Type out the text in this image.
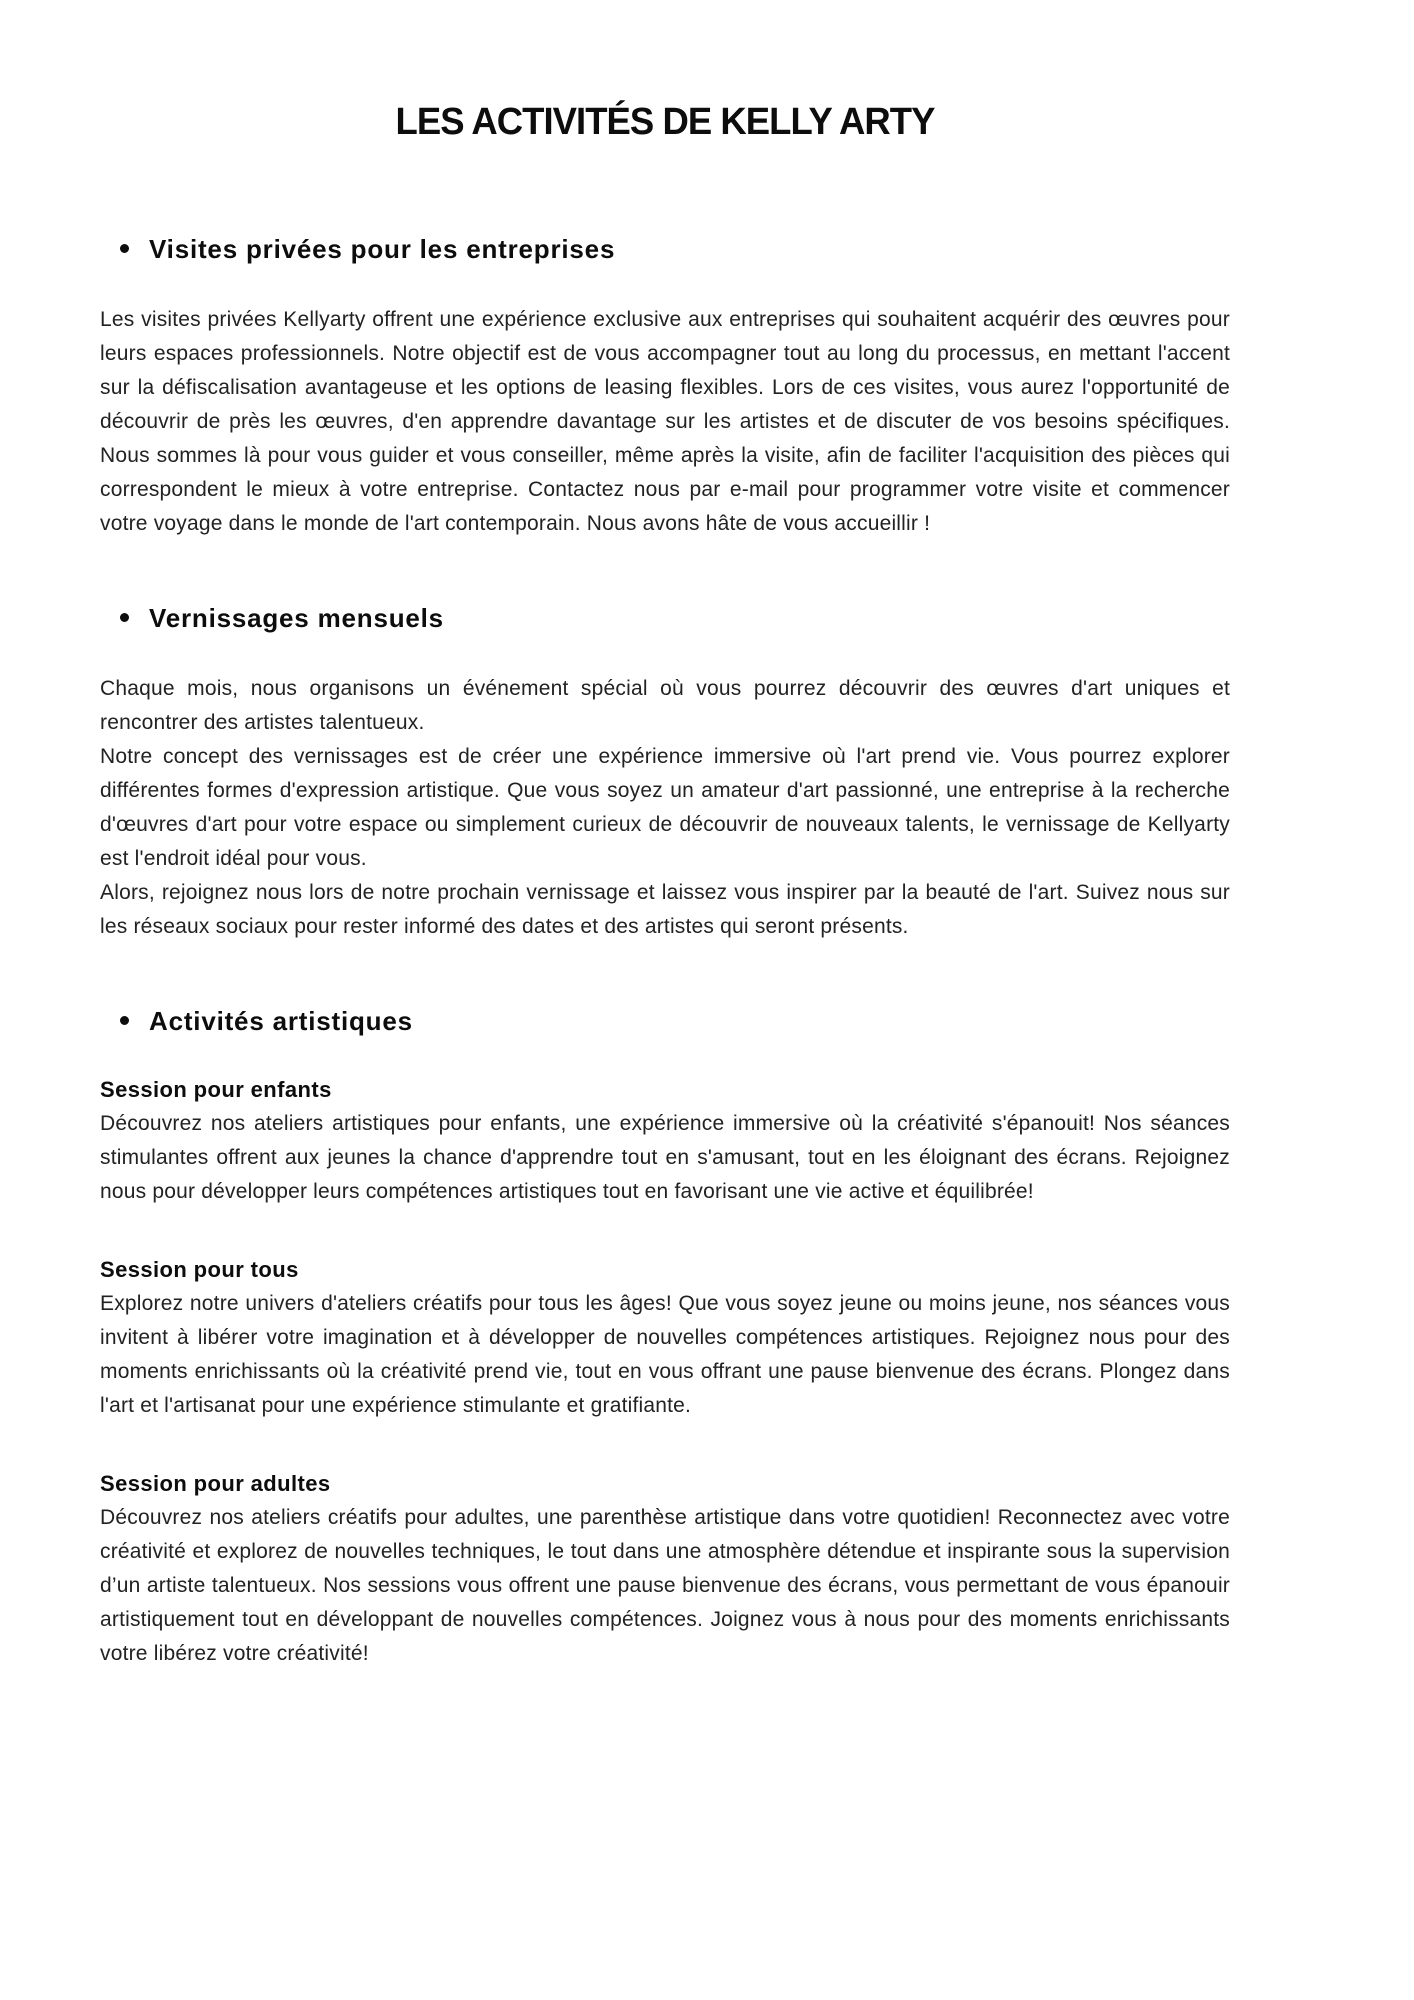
LES ACTIVITÉS DE KELLY ARTY
Visites privées pour les entreprises

Les visites privées Kellyarty offrent une expérience exclusive aux entreprises qui souhaitent acquérir des œuvres pour leurs espaces professionnels. Notre objectif est de vous accompagner tout au long du processus, en mettant l'accent sur la défiscalisation avantageuse et les options de leasing flexibles. Lors de ces visites, vous aurez l'opportunité de découvrir de près les œuvres, d'en apprendre davantage sur les artistes et de discuter de vos besoins spécifiques. Nous sommes là pour vous guider et vous conseiller, même après la visite, afin de faciliter l'acquisition des pièces qui correspondent le mieux à votre entreprise. Contactez nous par e-mail pour programmer votre visite et commencer votre voyage dans le monde de l'art contemporain. Nous avons hâte de vous accueillir !

Vernissages mensuels

Chaque mois, nous organisons un événement spécial où vous pourrez découvrir des œuvres d'art uniques et rencontrer des artistes talentueux.

Notre concept des vernissages est de créer une expérience immersive où l'art prend vie. Vous pourrez explorer différentes formes d'expression artistique. Que vous soyez un amateur d'art passionné, une entreprise à la recherche d'œuvres d'art pour votre espace ou simplement curieux de découvrir de nouveaux talents, le vernissage de Kellyarty est l'endroit idéal pour vous.

Alors, rejoignez nous lors de notre prochain vernissage et laissez vous inspirer par la beauté de l'art. Suivez nous sur les réseaux sociaux pour rester informé des dates et des artistes qui seront présents.

Activités artistiques
Session pour enfants

Découvrez nos ateliers artistiques pour enfants, une expérience immersive où la créativité s'épanouit! Nos séances stimulantes offrent aux jeunes la chance d'apprendre tout en s'amusant, tout en les éloignant des écrans. Rejoignez nous pour développer leurs compétences artistiques tout en favorisant une vie active et équilibrée!

Session pour tous

Explorez notre univers d'ateliers créatifs pour tous les âges! Que vous soyez jeune ou moins jeune, nos séances vous invitent à libérer votre imagination et à développer de nouvelles compétences artistiques. Rejoignez nous pour des moments enrichissants où la créativité prend vie, tout en vous offrant une pause bienvenue des écrans. Plongez dans l'art et l'artisanat pour une expérience stimulante et gratifiante.

Session pour adultes

Découvrez nos ateliers créatifs pour adultes, une parenthèse artistique dans votre quotidien! Reconnectez avec votre créativité et explorez de nouvelles techniques, le tout dans une atmosphère détendue et inspirante sous la supervision d’un artiste talentueux. Nos sessions vous offrent une pause bienvenue des écrans, vous permettant de vous épanouir artistiquement tout en développant de nouvelles compétences. Joignez vous à nous pour des moments enrichissants votre libérez votre créativité!
